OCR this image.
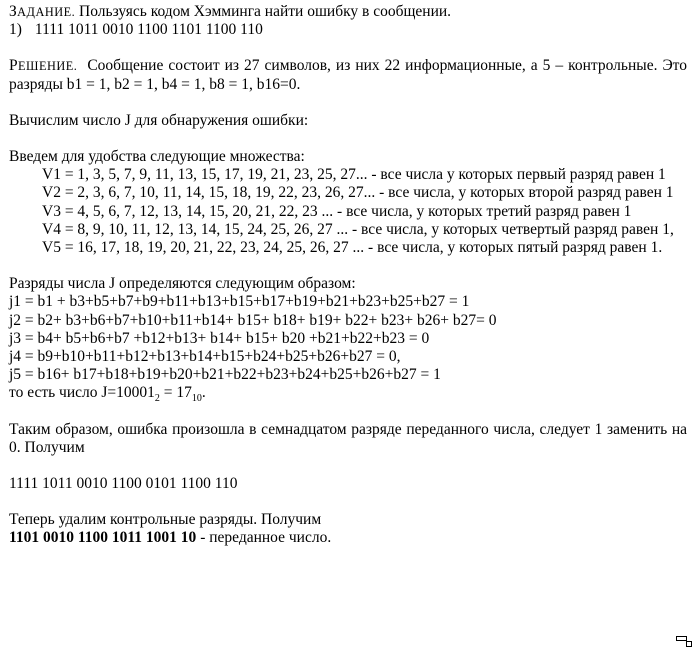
ЗАДАНИЕ. Пользуясь кодом Хэмминга найти ошибку в сообщении.

1) 1111 1011 0010 1100 1101 1100 110

РЕШЕНИЕ. Сообщение состоит из 27 символов, из них 22 информационные, а 5 – контрольные. Это разряды b1 = 1, b2 = 1, b4 = 1, b8 = 1, b16=0.

Вычислим число J для обнаружения ошибки:

Введем для удобства следующие множества:

V1 = 1, 3, 5, 7, 9, 11, 13, 15, 17, 19, 21, 23, 25, 27... - все числа у которых первый разряд равен 1

V2 = 2, 3, 6, 7, 10, 11, 14, 15, 18, 19, 22, 23, 26, 27... - все числа, у которых второй разряд равен 1

V3 = 4, 5, 6, 7, 12, 13, 14, 15, 20, 21, 22, 23 ... - все числа, у которых третий разряд равен 1

V4 = 8, 9, 10, 11, 12, 13, 14, 15, 24, 25, 26, 27 ... - все числа, у которых четвертый разряд равен 1,

V5 = 16, 17, 18, 19, 20, 21, 22, 23, 24, 25, 26, 27 ... - все числа, у которых пятый разряд равен 1.

Разряды числа J определяются следующим образом:

j1 = b1 + b3+b5+b7+b9+b11+b13+b15+b17+b19+b21+b23+b25+b27 = 1

j2 = b2+ b3+b6+b7+b10+b11+b14+ b15+ b18+ b19+ b22+ b23+ b26+ b27= 0

j3 = b4+ b5+b6+b7 +b12+b13+ b14+ b15+ b20 +b21+b22+b23 = 0

j4 = b9+b10+b11+b12+b13+b14+b15+b24+b25+b26+b27 = 0,

j5 = b16+ b17+b18+b19+b20+b21+b22+b23+b24+b25+b26+b27 = 1

то есть число $J=10001_2 = 17_{10}$.

Таким образом, ошибка произошла в семнадцатом разряде переданного числа, следует 1 заменить на 0. Получим

1111 1011 0010 1100 0101 1100 110

Теперь удалим контрольные разряды. Получим

1101 0010 1100 1011 1001 10 - переданное число.
